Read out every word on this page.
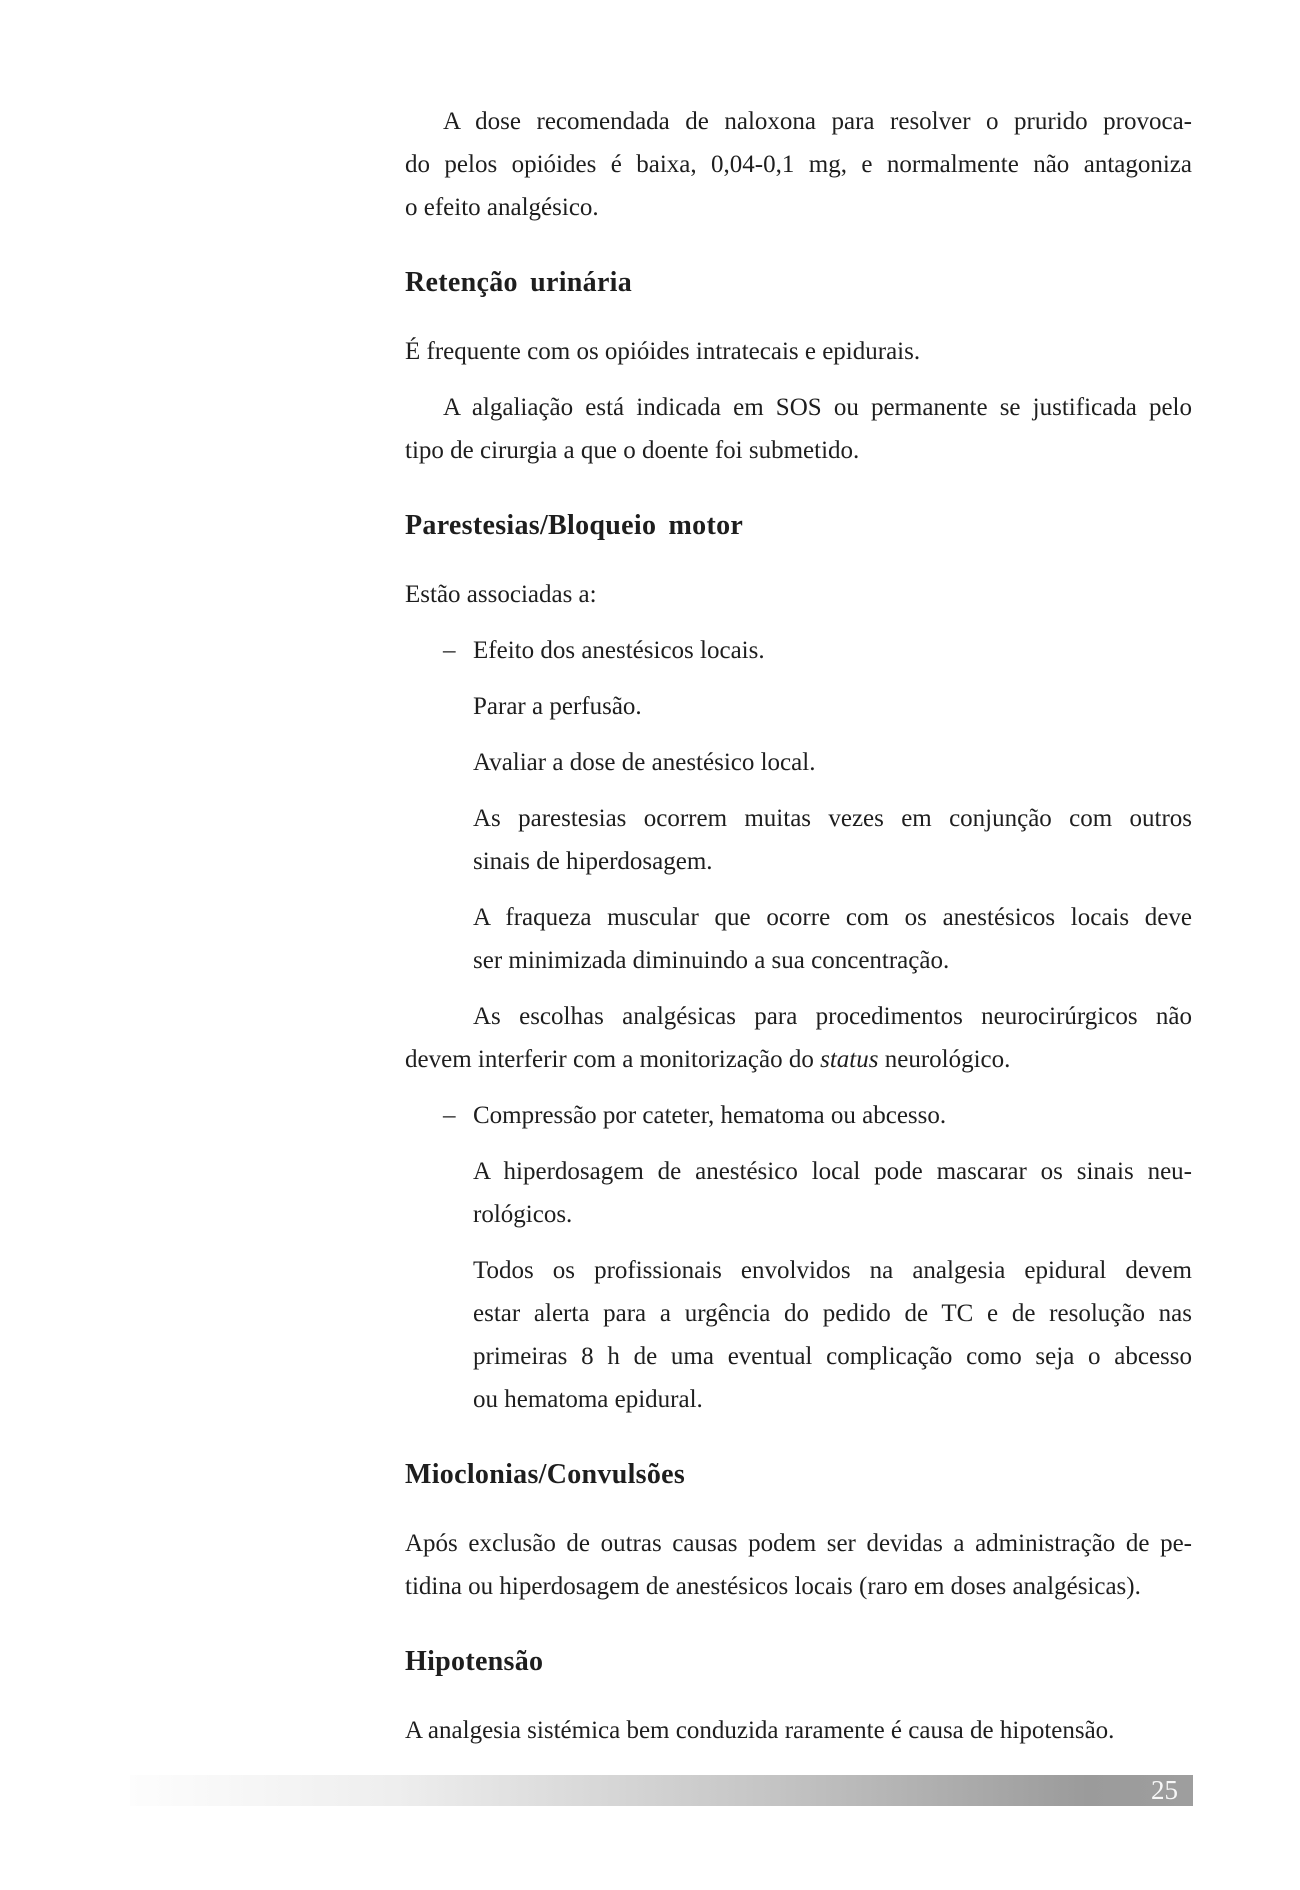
A dose recomendada de naloxona para resolver o prurido provoca-
do pelos opióides é baixa, 0,04-0,1 mg, e normalmente não antagoniza
o efeito analgésico.
Retenção urinária
É frequente com os opióides intratecais e epidurais.
A algaliação está indicada em SOS ou permanente se justificada pelo
tipo de cirurgia a que o doente foi submetido.
Parestesias/Bloqueio motor
Estão associadas a:
– Efeito dos anestésicos locais.
Parar a perfusão.
Avaliar a dose de anestésico local.
As parestesias ocorrem muitas vezes em conjunção com outros
sinais de hiperdosagem.
A fraqueza muscular que ocorre com os anestésicos locais deve
ser minimizada diminuindo a sua concentração.
As escolhas analgésicas para procedimentos neurocirúrgicos não
devem interferir com a monitorização do status neurológico.
– Compressão por cateter, hematoma ou abcesso.
A hiperdosagem de anestésico local pode mascarar os sinais neu-
rológicos.
Todos os profissionais envolvidos na analgesia epidural devem
estar alerta para a urgência do pedido de TC e de resolução nas
primeiras 8 h de uma eventual complicação como seja o abcesso
ou hematoma epidural.
Mioclonias/Convulsões
Após exclusão de outras causas podem ser devidas a administração de pe-
tidina ou hiperdosagem de anestésicos locais (raro em doses analgésicas).
Hipotensão
A analgesia sistémica bem conduzida raramente é causa de hipotensão.
25
